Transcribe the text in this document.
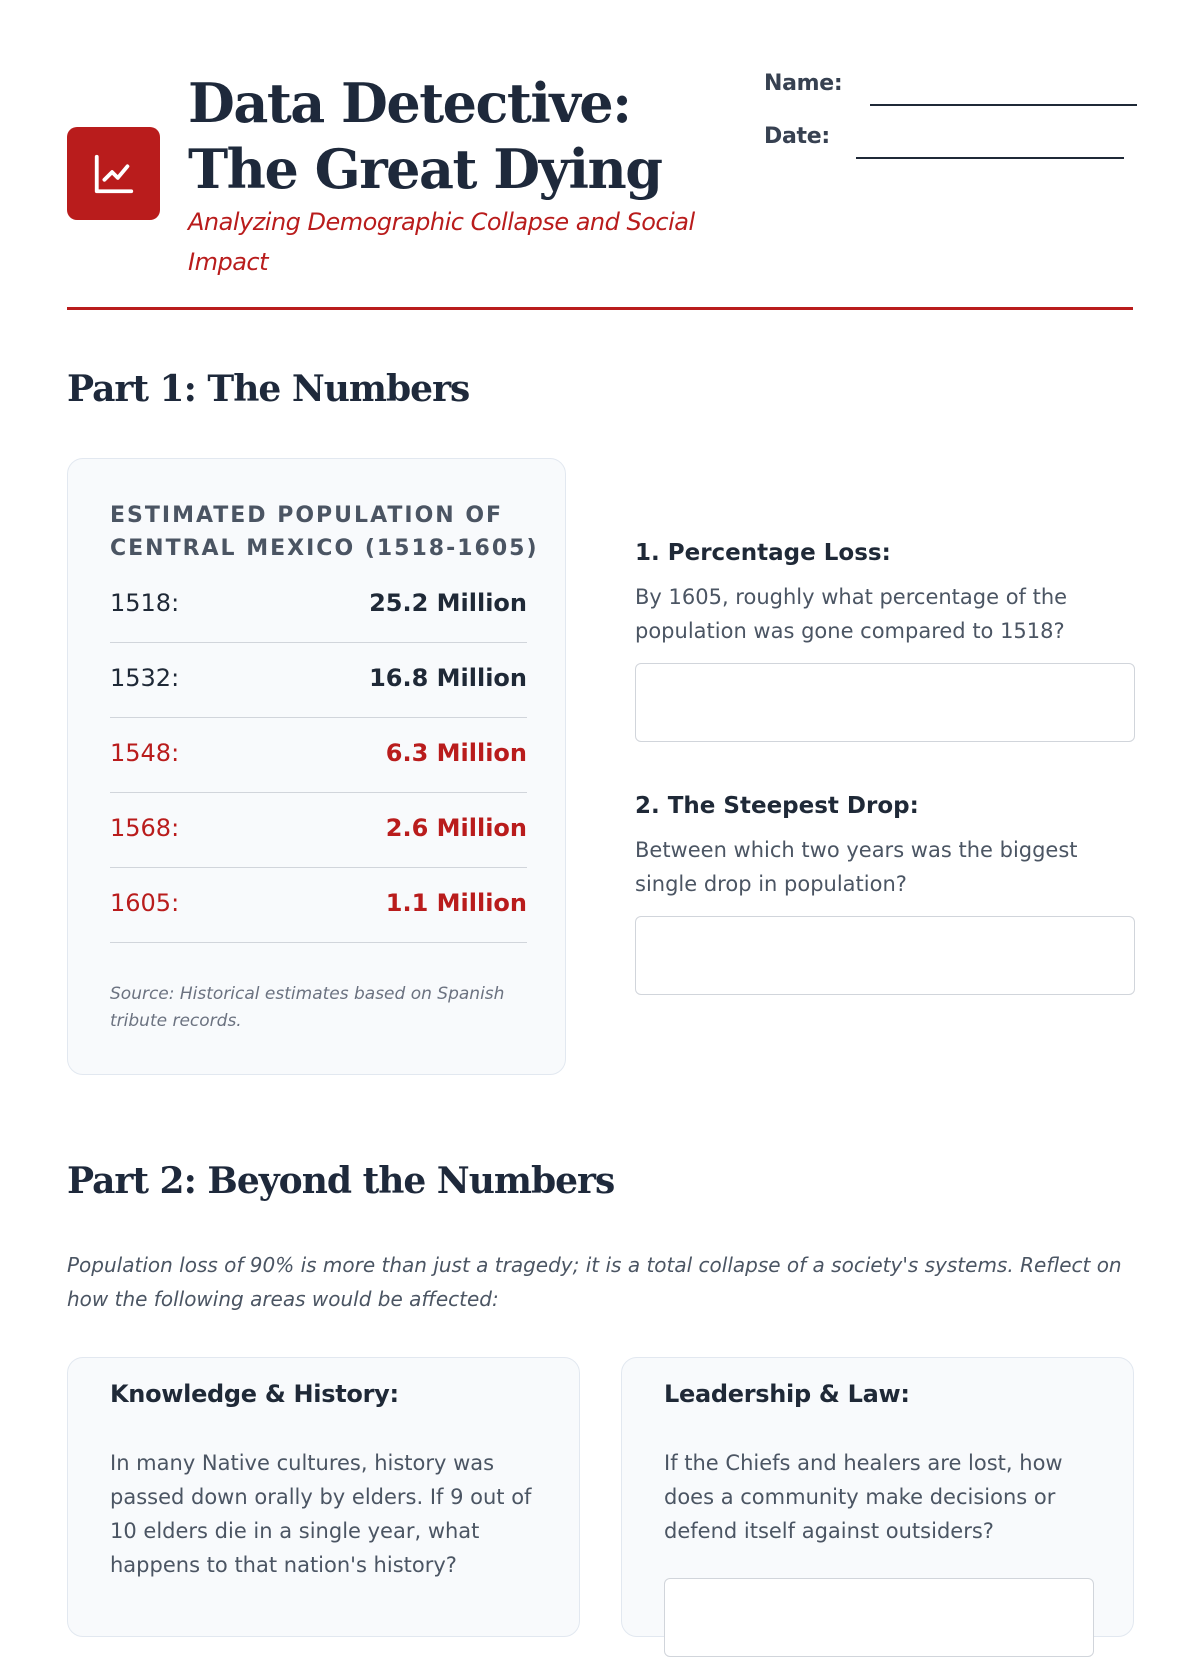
Data Detective: The Great Dying
Analyzing Demographic Collapse and Social Impact
Name:
Date:
Part 1: The Numbers
ESTIMATED POPULATION OF CENTRAL MEXICO (1518-1605)
1518:	25.2 Million
1532:	16.8 Million
1548:	6.3 Million
1568:	2.6 Million
1605:	1.1 Million
Source: Historical estimates based on Spanish tribute records.
1. Percentage Loss:
By 1605, roughly what percentage of the population was gone compared to 1518?
2. The Steepest Drop:
Between which two years was the biggest single drop in population?
Part 2: Beyond the Numbers

Population loss of 90% is more than just a tragedy; it is a total collapse of a society's systems. Reflect on how the following areas would be affected:

Knowledge & History:

In many Native cultures, history was passed down orally by elders. If 9 out of 10 elders die in a single year, what happens to that nation's history?

Leadership & Law:

If the Chiefs and healers are lost, how does a community make decisions or defend itself against outsiders?
